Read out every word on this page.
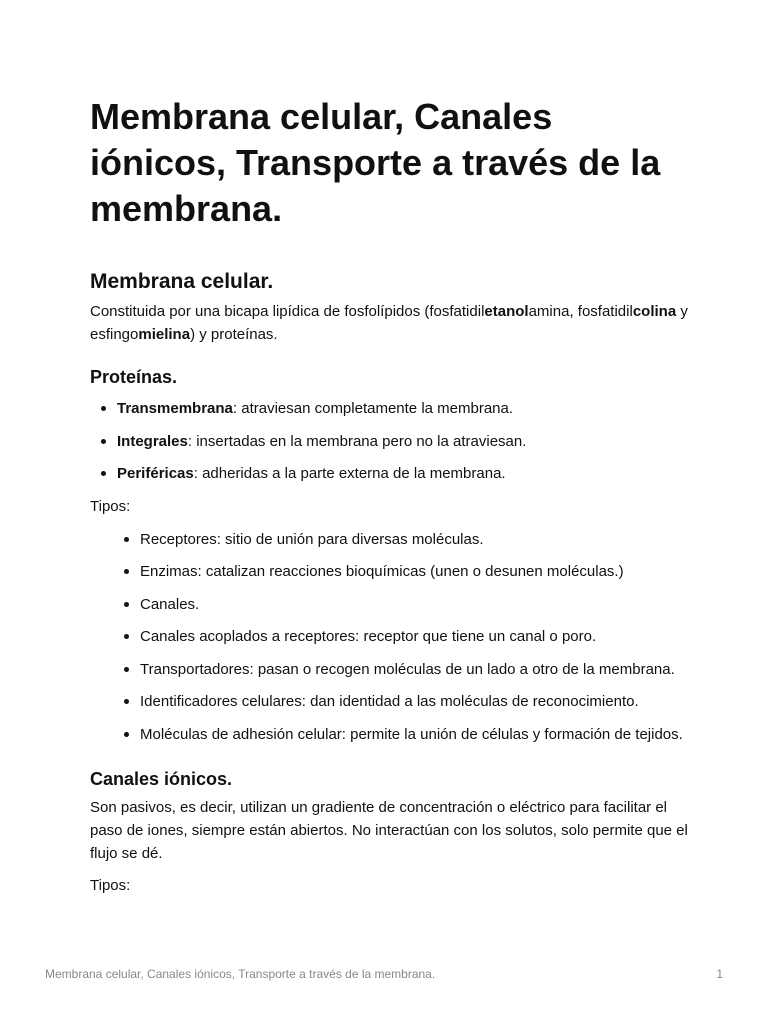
Membrana celular, Canales iónicos, Transporte a través de la membrana.
Membrana celular.

Constituida por una bicapa lipídica de fosfolípidos (fosfatidiletanolamina, fosfatidilcolina y esfingomielina) y proteínas.

Proteínas.
Transmembrana: atraviesan completamente la membrana.
Integrales: insertadas en la membrana pero no la atraviesan.
Periféricas: adheridas a la parte externa de la membrana.

Tipos:

Receptores: sitio de unión para diversas moléculas.
Enzimas: catalizan reacciones bioquímicas (unen o desunen moléculas.)
Canales.
Canales acoplados a receptores: receptor que tiene un canal o poro.
Transportadores: pasan o recogen moléculas de un lado a otro de la membrana.
Identificadores celulares: dan identidad a las moléculas de reconocimiento.
Moléculas de adhesión celular: permite la unión de células y formación de tejidos.
Canales iónicos.

Son pasivos, es decir, utilizan un gradiente de concentración o eléctrico para facilitar el paso de iones, siempre están abiertos. No interactúan con los solutos, solo permite que el flujo se dé.

Tipos:

Membrana celular, Canales iónicos, Transporte a través de la membrana.	1
